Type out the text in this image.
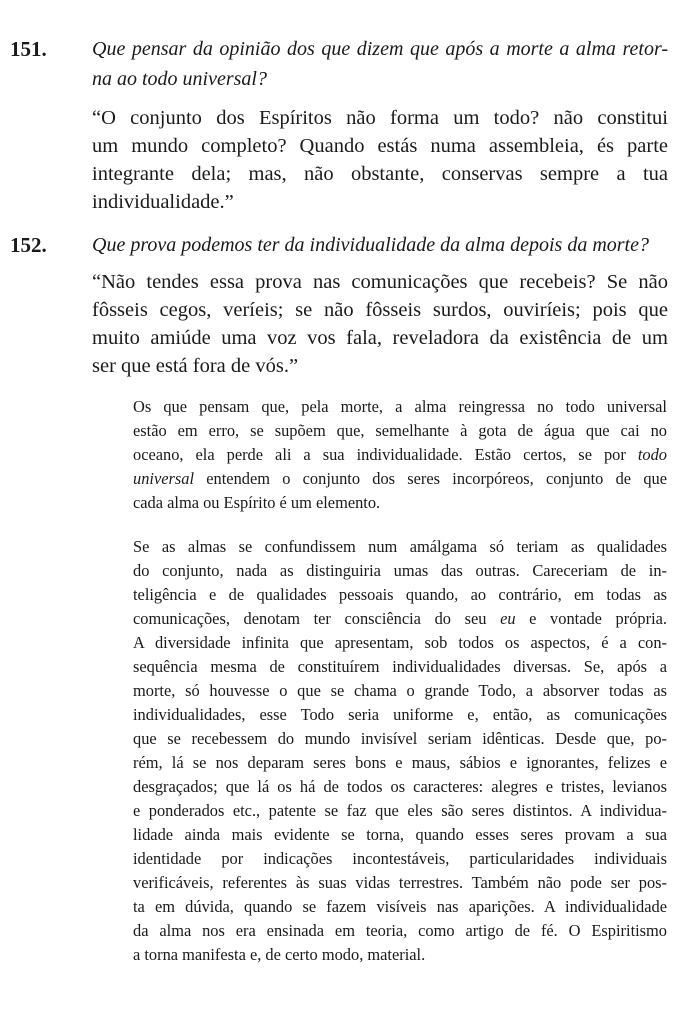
151. Que pensar da opinião dos que dizem que após a morte a alma retor-
na ao todo universal?

“O conjunto dos Espíritos não forma um todo? não constitui
um mundo completo? Quando estás numa assembleia, és parte
integrante dela; mas, não obstante, conservas sempre a tua
individualidade.”

152. Que prova podemos ter da individualidade da alma depois da morte?

“Não tendes essa prova nas comunicações que recebeis? Se não
fôsseis cegos, veríeis; se não fôsseis surdos, ouviríeis; pois que
muito amiúde uma voz vos fala, reveladora da existência de um
ser que está fora de vós.”

Os que pensam que, pela morte, a alma reingressa no todo universal
estão em erro, se supõem que, semelhante à gota de água que cai no
oceano, ela perde ali a sua individualidade. Estão certos, se por todo
universal entendem o conjunto dos seres incorpóreos, conjunto de que
cada alma ou Espírito é um elemento.

Se as almas se confundissem num amálgama só teriam as qualidades
do conjunto, nada as distinguiria umas das outras. Careceriam de in-
teligência e de qualidades pessoais quando, ao contrário, em todas as
comunicações, denotam ter consciência do seu eu e vontade própria.
A diversidade infinita que apresentam, sob todos os aspectos, é a con-
sequência mesma de constituírem individualidades diversas. Se, após a
morte, só houvesse o que se chama o grande Todo, a absorver todas as
individualidades, esse Todo seria uniforme e, então, as comunicações
que se recebessem do mundo invisível seriam idênticas. Desde que, po-
rém, lá se nos deparam seres bons e maus, sábios e ignorantes, felizes e
desgraçados; que lá os há de todos os caracteres: alegres e tristes, levianos
e ponderados etc., patente se faz que eles são seres distintos. A individua-
lidade ainda mais evidente se torna, quando esses seres provam a sua
identidade por indicações incontestáveis, particularidades individuais
verificáveis, referentes às suas vidas terrestres. Também não pode ser pos-
ta em dúvida, quando se fazem visíveis nas aparições. A individualidade
da alma nos era ensinada em teoria, como artigo de fé. O Espiritismo
a torna manifesta e, de certo modo, material.
